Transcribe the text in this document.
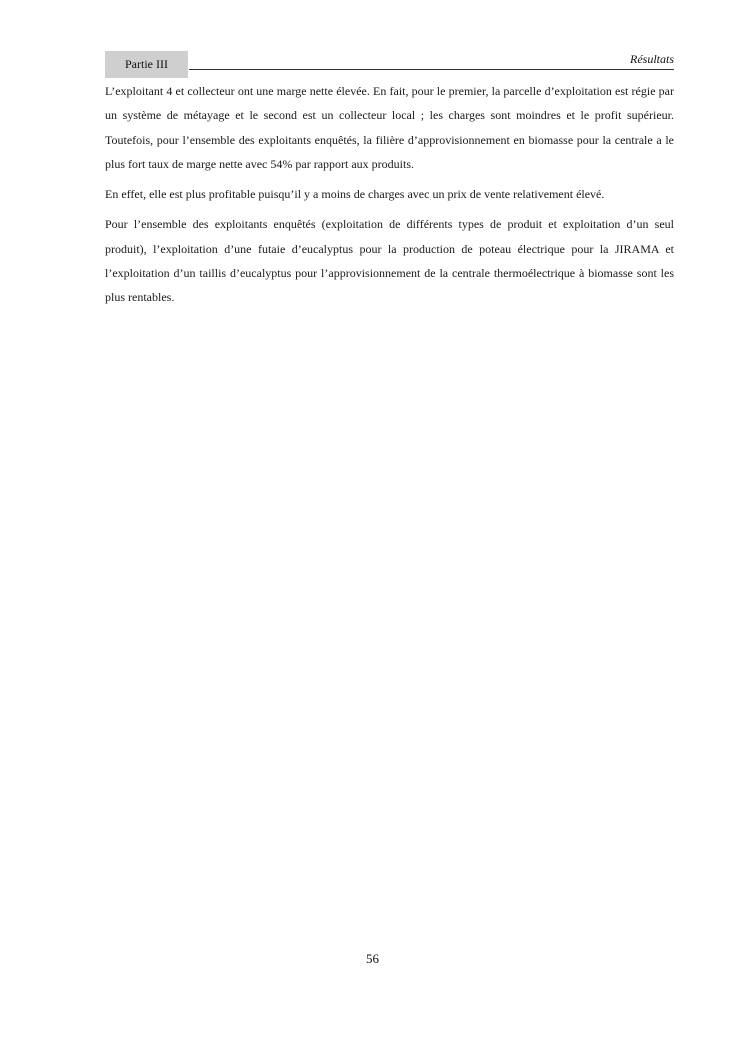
Partie III	Résultats

L’exploitant 4 et collecteur ont une marge nette élevée. En fait, pour le premier, la parcelle d’exploitation est régie par un système de métayage et le second est un collecteur local ; les charges sont moindres et le profit supérieur. Toutefois, pour l’ensemble des exploitants enquêtés, la filière d’approvisionnement en biomasse pour la centrale a le plus fort taux de marge nette avec 54% par rapport aux produits.

En effet, elle est plus profitable puisqu’il y a moins de charges avec un prix de vente relativement élevé.

Pour l’ensemble des exploitants enquêtés (exploitation de différents types de produit et exploitation d’un seul produit), l’exploitation d’une futaie d’eucalyptus pour la production de poteau électrique pour la JIRAMA et l’exploitation d’un taillis d’eucalyptus pour l’approvisionnement de la centrale thermoélectrique à biomasse sont les plus rentables.

56
